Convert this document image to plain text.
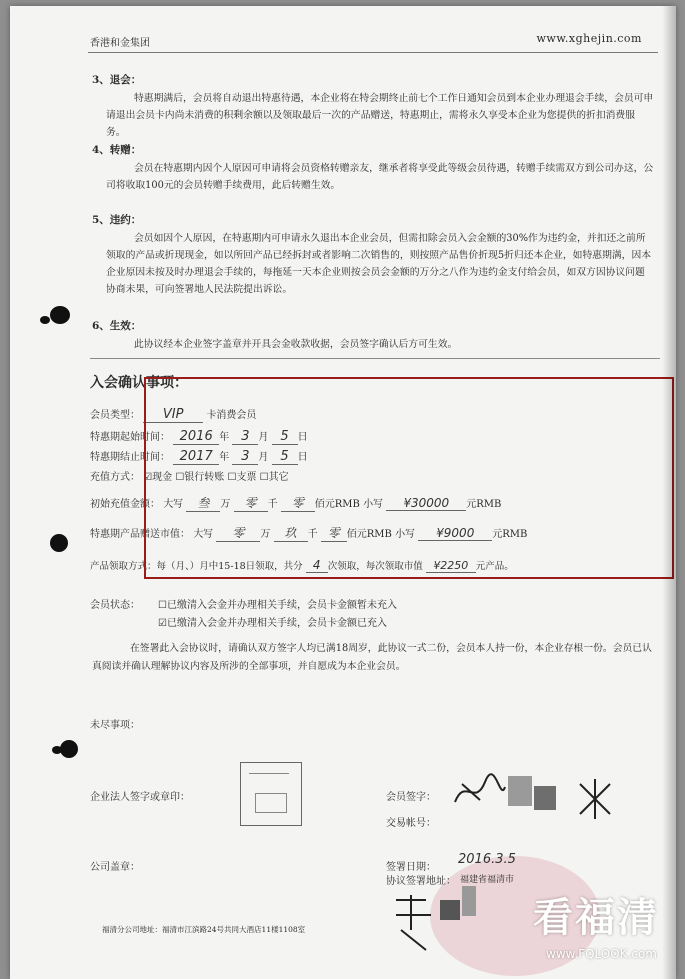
香港和金集团	www.xghejin.com
3、退会：
特惠期满后，会员将自动退出特惠待遇，本企业将在特会期终止前七个工作日通知会员到本企业办理退会手续，会员可申请退出会员卡内尚未消费的积剩余额以及领取最后一次的产品赠送，特惠期止，需将永久享受本企业为您提供的折扣消费服务。
4、转赠：
会员在特惠期内因个人原因可申请将会员资格转赠亲友，继承者将享受此等级会员待遇，转赠手续需双方到公司办这，公司将收取100元的会员转赠手续费用，此后转赠生效。
5、违约：
会员如因个人原因，在特惠期内可申请永久退出本企业会员，但需扣除会员入会金额的30%作为违约金，并扣还之前所领取的产品或折现现金，如以所回产品已经拆封或者影响二次销售的，则按照产品售价折现5折归还本企业，如特惠期满，因本企业原因未按及时办理退会手续的，每拖延一天本企业则按会员会金额的万分之八作为违约金支付给会员，如双方因协议问题协商未果，可向签署地人民法院提出诉讼。
6、生效：
此协议经本企业签字盖章并开具会金收款收据，会员签字确认后方可生效。
入会确认事项：
会员类型： VIP 卡消费会员
特惠期起始时间： 2016 年 3 月 5 日
特惠期结止时间： 2017 年 3 月 5 日
充值方式： ☑现金 ☐银行转账 ☐支票 ☐其它
初始充值金额： 大写 叁 万 零 千 零 佰元RMB 小写 ¥30000 元RMB
特惠期产品赠送市值： 大写 零 万 玖 千 零 佰元RMB 小写 ¥9000 元RMB
产品领取方式：每（月、）月中15-18日领取，共分 4 次领取，每次领取市值 ¥2250 元产品。
会员状态： ☐已缴清入会金并办理相关手续，会员卡金额暂未充入
☑已缴清入会金并办理相关手续，会员卡金额已充入
在签署此入会协议时，请确认双方签字人均已满18周岁，此协议一式二份，会员本人持一份，本企业存根一份。会员已认真阅读并确认理解协议内容及所涉的全部事项，并自愿成为本企业会员。
未尽事项：
企业法人签字或章印：	会员签字：
交易帐号：
公司盖章：	签署日期：
2016.3.5
协议签署地址： 福建省福清市
福清分公司地址：福清市江滨路24号共同大酒店11楼1108室	看福清
www.FQLOOK.com
